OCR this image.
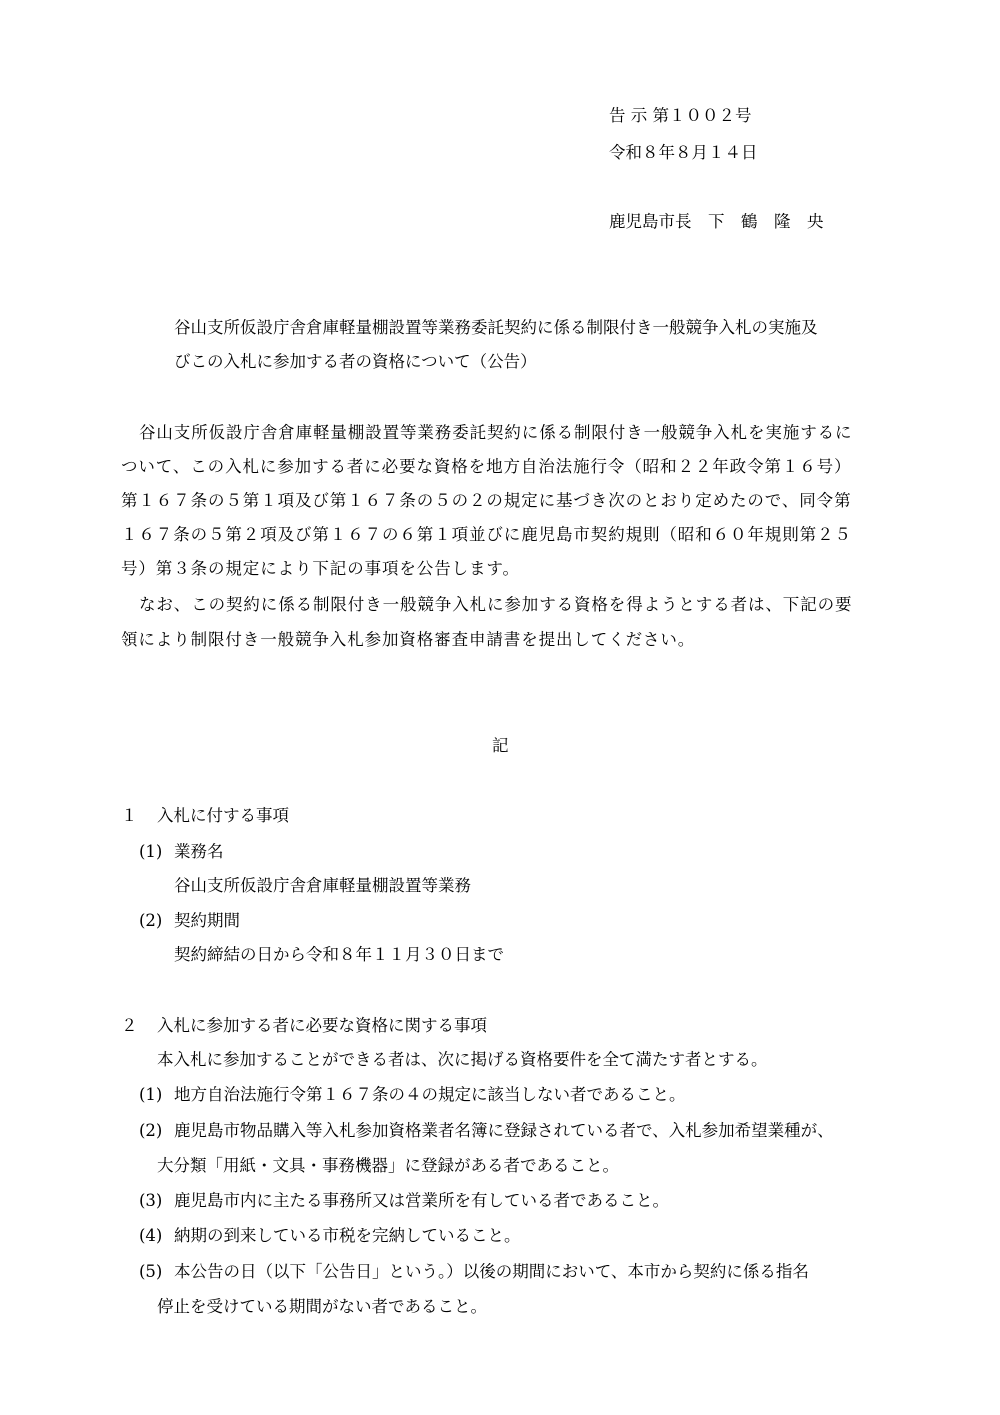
告 示 第１００２号
令和８年８月１４日
鹿児島市長　下　鶴　隆　央
谷山支所仮設庁舎倉庫軽量棚設置等業務委託契約に係る制限付き一般競争入札の実施及
びこの入札に参加する者の資格について（公告）
谷山支所仮設庁舎倉庫軽量棚設置等業務委託契約に係る制限付き一般競争入札を実施するに
ついて、この入札に参加する者に必要な資格を地方自治法施行令（昭和２２年政令第１６号）
第１６７条の５第１項及び第１６７条の５の２の規定に基づき次のとおり定めたので、同令第
１６７条の５第２項及び第１６７の６第１項並びに鹿児島市契約規則（昭和６０年規則第２５
号）第３条の規定により下記の事項を公告します。
なお、この契約に係る制限付き一般競争入札に参加する資格を得ようとする者は、下記の要
領により制限付き一般競争入札参加資格審査申請書を提出してください。
記
１ 入札に付する事項
(1) 業務名
谷山支所仮設庁舎倉庫軽量棚設置等業務
(2) 契約期間
契約締結の日から令和８年１１月３０日まで
２ 入札に参加する者に必要な資格に関する事項
本入札に参加することができる者は、次に掲げる資格要件を全て満たす者とする。
(1) 地方自治法施行令第１６７条の４の規定に該当しない者であること。
(2) 鹿児島市物品購入等入札参加資格業者名簿に登録されている者で、入札参加希望業種が、
大分類「用紙・文具・事務機器」に登録がある者であること。
(3) 鹿児島市内に主たる事務所又は営業所を有している者であること。
(4) 納期の到来している市税を完納していること。
(5) 本公告の日（以下「公告日」という。）以後の期間において、本市から契約に係る指名
停止を受けている期間がない者であること。
